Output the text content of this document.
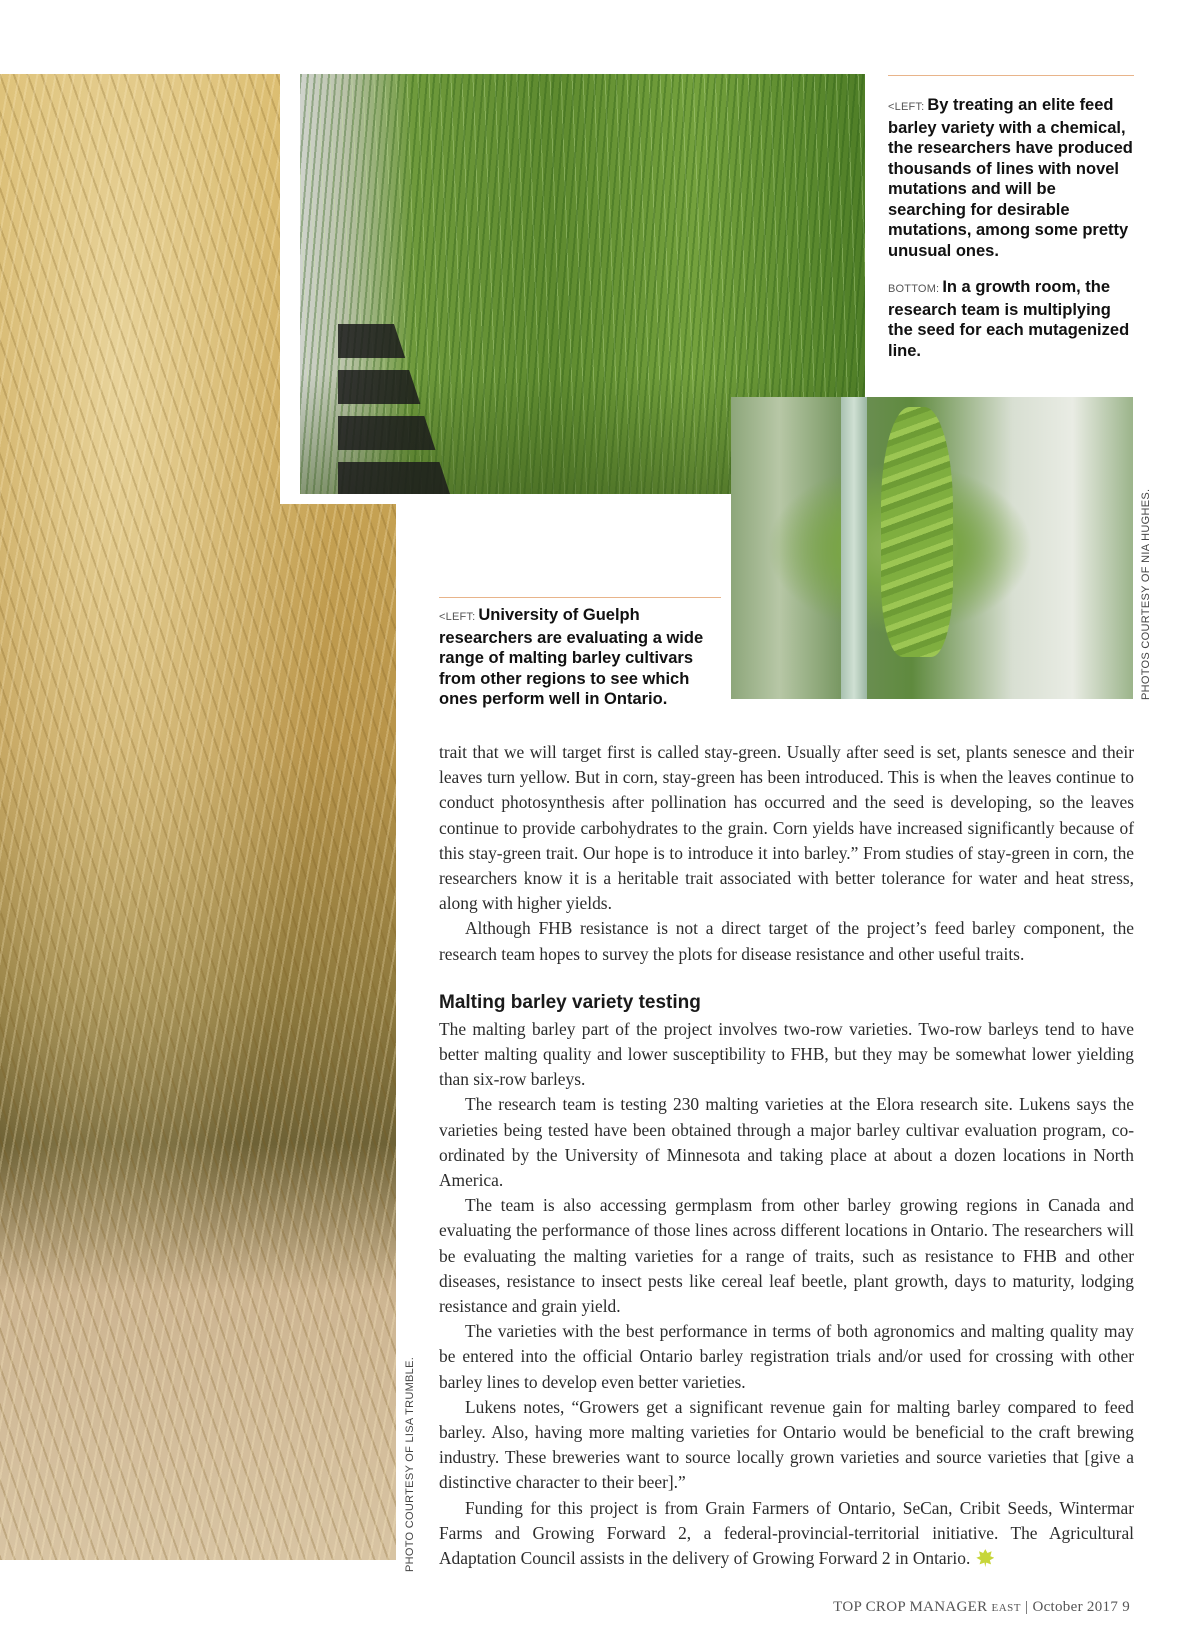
PHOTO COURTESY OF LISA TRUMBLE.
PHOTOS COURTESY OF NIA HUGHES.
<LEFT: By treating an elite feed barley variety with a chemical, the researchers have produced thousands of lines with novel mutations and will be searching for desirable mutations, among some pretty unusual ones.
BOTTOM: In a growth room, the research team is multiplying the seed for each mutagenized line.
<LEFT: University of Guelph researchers are evaluating a wide range of malting barley cultivars from other regions to see which ones perform well in Ontario.

trait that we will target first is called stay-green. Usually after seed is set, plants senesce and their leaves turn yellow. But in corn, stay-green has been introduced. This is when the leaves continue to conduct photosynthesis after pollination has occurred and the seed is developing, so the leaves continue to provide carbohydrates to the grain. Corn yields have increased significantly because of this stay-green trait. Our hope is to introduce it into barley.” From studies of stay-green in corn, the researchers know it is a heritable trait associated with better tolerance for water and heat stress, along with higher yields.

Although FHB resistance is not a direct target of the project’s feed barley component, the research team hopes to survey the plots for disease resistance and other useful traits.

Malting barley variety testing

The malting barley part of the project involves two-row varieties. Two-row barleys tend to have better malting quality and lower susceptibility to FHB, but they may be somewhat lower yielding than six-row barleys.

The research team is testing 230 malting varieties at the Elora research site. Lukens says the varieties being tested have been obtained through a major barley cultivar evaluation program, co-ordinated by the University of Minnesota and taking place at about a dozen locations in North America.

The team is also accessing germplasm from other barley growing regions in Canada and evaluating the performance of those lines across different locations in Ontario. The researchers will be evaluating the malting varieties for a range of traits, such as resistance to FHB and other diseases, resistance to insect pests like cereal leaf beetle, plant growth, days to maturity, lodging resistance and grain yield.

The varieties with the best performance in terms of both agronomics and malting quality may be entered into the official Ontario barley registration trials and/or used for crossing with other barley lines to develop even better varieties.

Lukens notes, “Growers get a significant revenue gain for malting barley compared to feed barley. Also, having more malting varieties for Ontario would be beneficial to the craft brewing industry. These breweries want to source locally grown varieties and source varieties that [give a distinctive character to their beer].”

Funding for this project is from Grain Farmers of Ontario, SeCan, Cribit Seeds, Wintermar Farms and Growing Forward 2, a federal-provincial-territorial initiative. The Agricultural Adaptation Council assists in the delivery of Growing Forward 2 in Ontario.

TOP CROP MANAGER EAST | October 2017 9
